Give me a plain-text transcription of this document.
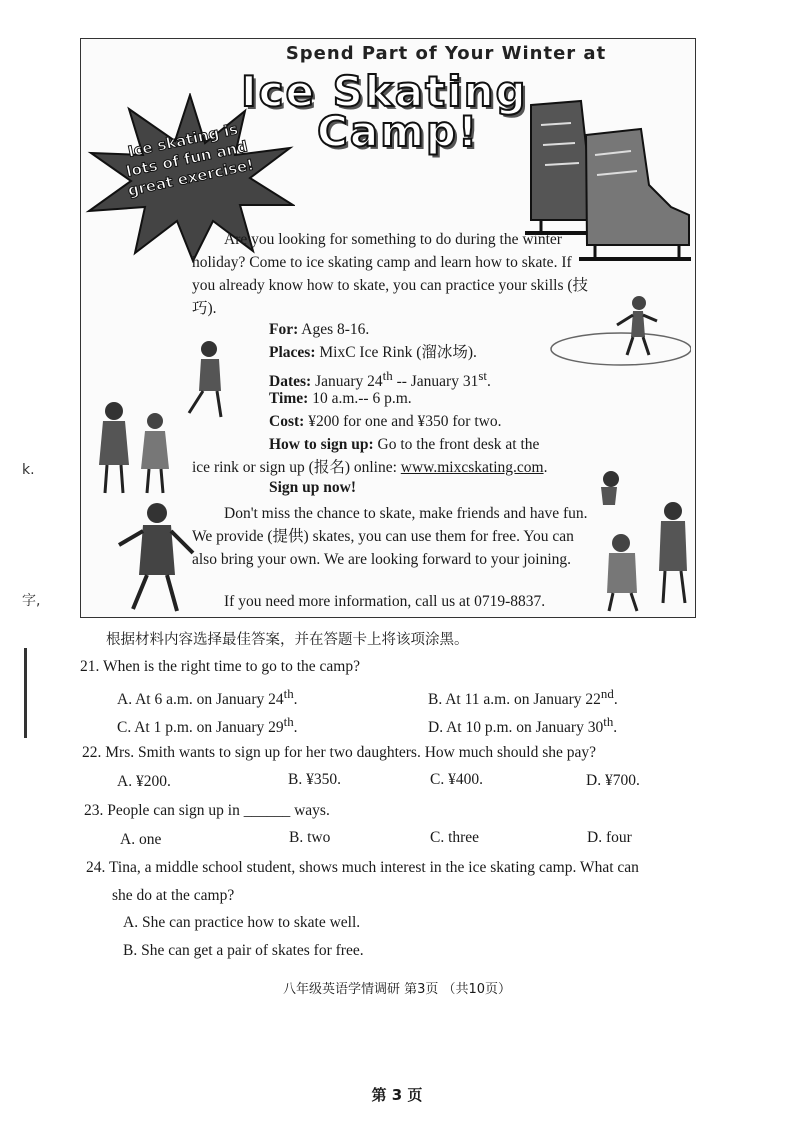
k.
字,
Spend Part of Your Winter at
Ice Skating
Camp!
Ice skating is lots of fun and great exercise!
Are you looking for something to do during the winter holiday? Come to ice skating camp and learn how to skate. If you already know how to skate, you can practice your skills (技巧).
For: Ages 8-16.
Places: MixC Ice Rink (溜冰场).
Dates: January 24th -- January 31st.
Time: 10 a.m.-- 6 p.m.
Cost: ¥200 for one and ¥350 for two.
How to sign up: Go to the front desk at the
ice rink or sign up (报名) online: www.mixcskating.com.
Sign up now!
Don't miss the chance to skate, make friends and have fun. We provide (提供) skates, you can use them for free. You can also bring your own. We are looking forward to your joining.
If you need more information, call us at 0719-8837.
根据材料内容选择最佳答案，并在答题卡上将该项涂黑。
21. When is the right time to go to the camp?
A. At 6 a.m. on January 24th.	B. At 11 a.m. on January 22nd.
C. At 1 p.m. on January 29th.	D. At 10 p.m. on January 30th.
22. Mrs. Smith wants to sign up for her two daughters. How much should she pay?
A. ¥200.	B. ¥350.	C. ¥400.	D. ¥700.
23. People can sign up in ______ ways.
A. one	B. two	C. three	D. four
24. Tina, a middle school student, shows much interest in the ice skating camp. What can
she do at the camp?
A. She can practice how to skate well.
B. She can get a pair of skates for free.
八年级英语学情调研 第3页 （共10页）
第 3 页
